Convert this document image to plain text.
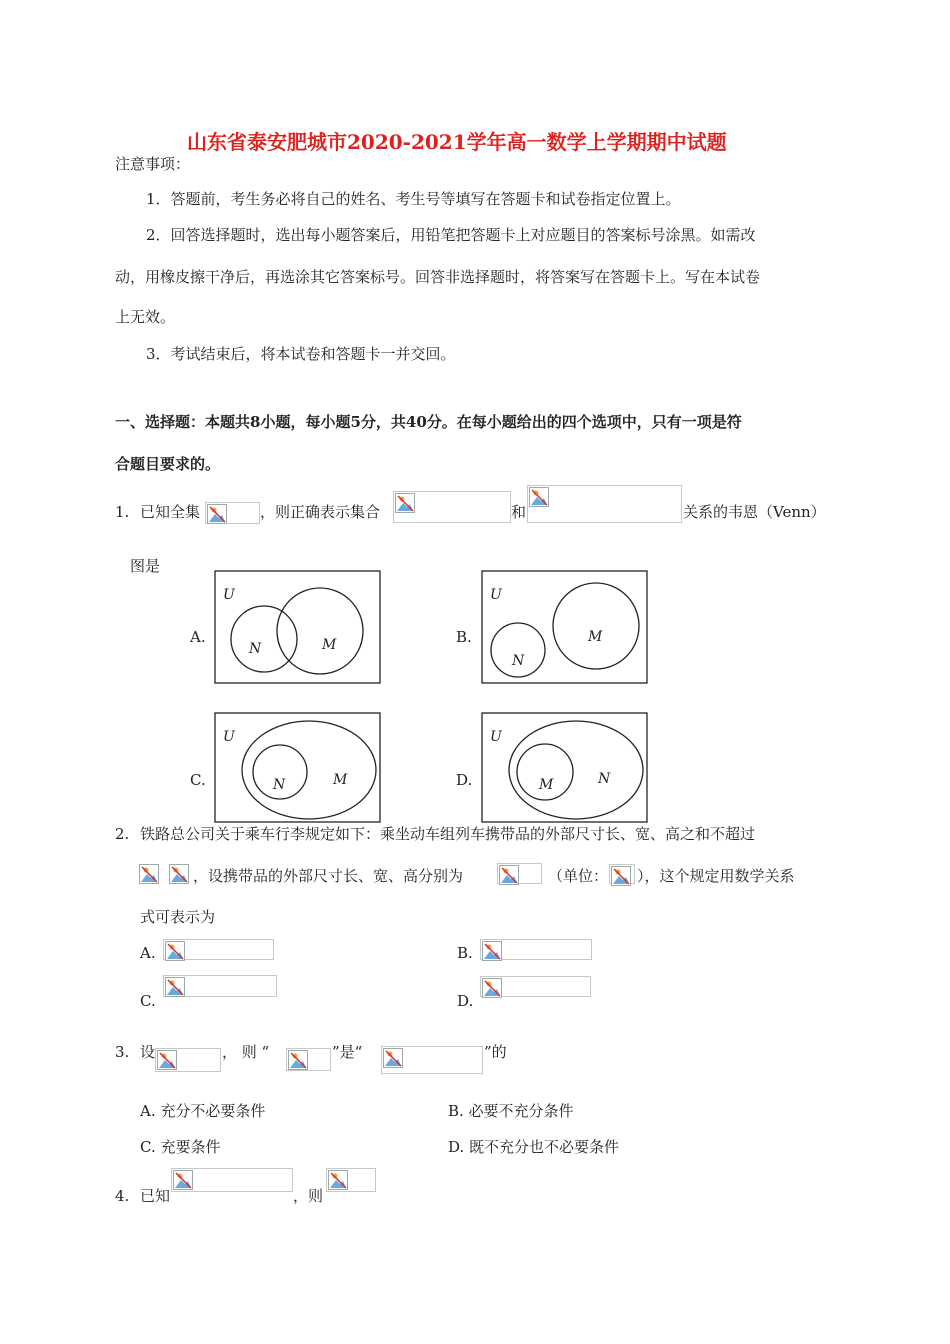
山东省泰安肥城市2020-2021学年高一数学上学期期中试题
注意事项：
1．答题前，考生务必将自己的姓名、考生号等填写在答题卡和试卷指定位置上。
2．回答选择题时，选出每小题答案后，用铅笔把答题卡上对应题目的答案标号涂黑。如需改
动，用橡皮擦干净后，再选涂其它答案标号。回答非选择题时，将答案写在答题卡上。写在本试卷
上无效。
3．考试结束后，将本试卷和答题卡一并交回。
一、选择题：本题共8小题，每小题5分，共40分。在每小题给出的四个选项中，只有一项是符
合题目要求的。
1. 已知全集	，则正确表示集合	和	关系的韦恩（Venn）
图是
A.
U
N	M	B.
U
N
M
C.
U
N	M	D.
U
M	N
2. 铁路总公司关于乘车行李规定如下：乘坐动车组列车携带品的外部尺寸长、宽、高之和不超过
，设携带品的外部尺寸长、宽、高分别为	（单位： ），这个规定用数学关系
式可表示为
A.	B.
C.	D.
3. 设	， 则 “	”是“	”的
A. 充分不必要条件	B. 必要不充分条件
C. 充要条件	D. 既不充分也不必要条件
4. 已知	，则
